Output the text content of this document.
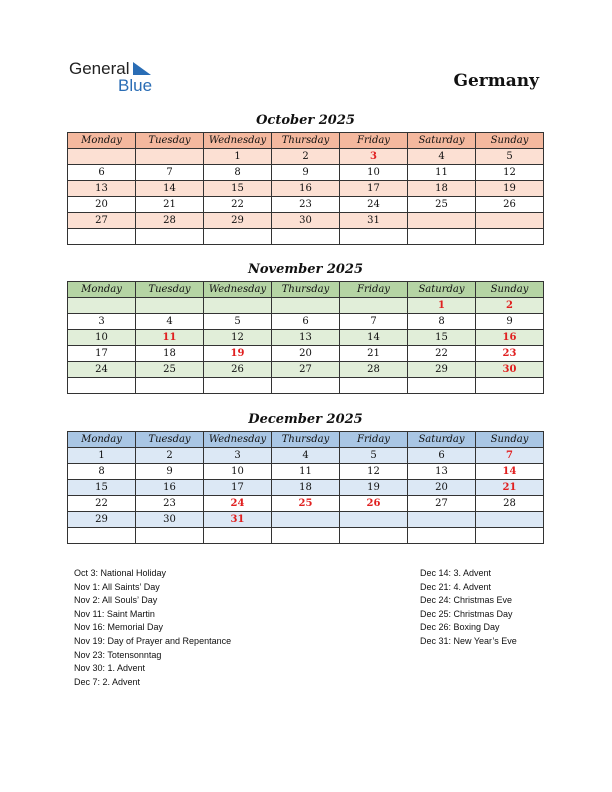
General
Blue	Germany
October 2025
Monday	Tuesday	Wednesday	Thursday	Friday	Saturday	Sunday
		1	2	3	4	5
6	7	8	9	10	11	12
13	14	15	16	17	18	19
20	21	22	23	24	25	26
27	28	29	30	31		

November 2025
Monday	Tuesday	Wednesday	Thursday	Friday	Saturday	Sunday
					1	2
3	4	5	6	7	8	9
10	11	12	13	14	15	16
17	18	19	20	21	22	23
24	25	26	27	28	29	30

December 2025
Monday	Tuesday	Wednesday	Thursday	Friday	Saturday	Sunday
1	2	3	4	5	6	7
8	9	10	11	12	13	14
15	16	17	18	19	20	21
22	23	24	25	26	27	28
29	30	31				

Oct 3: National Holiday
Nov 1: All Saints’ Day
Nov 2: All Souls’ Day
Nov 11: Saint Martin
Nov 16: Memorial Day
Nov 19: Day of Prayer and Repentance
Nov 23: Totensonntag
Nov 30: 1. Advent
Dec 7: 2. Advent
Dec 14: 3. Advent
Dec 21: 4. Advent
Dec 24: Christmas Eve
Dec 25: Christmas Day
Dec 26: Boxing Day
Dec 31: New Year’s Eve
